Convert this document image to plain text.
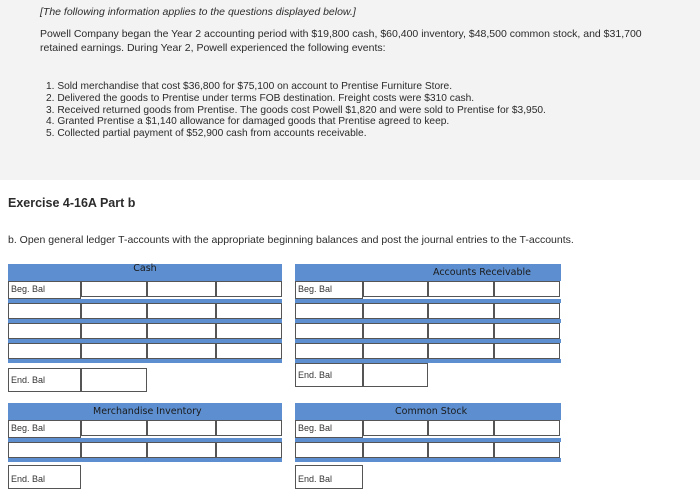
[The following information applies to the questions displayed below.]
Powell Company began the Year 2 accounting period with $19,800 cash, $60,400 inventory, $48,500 common stock, and $31,700 retained earnings. During Year 2, Powell experienced the following events:
1. Sold merchandise that cost $36,800 for $75,100 on account to Prentise Furniture Store.
2. Delivered the goods to Prentise under terms FOB destination. Freight costs were $310 cash.
3. Received returned goods from Prentise. The goods cost Powell $1,820 and were sold to Prentise for $3,950.
4. Granted Prentise a $1,140 allowance for damaged goods that Prentise agreed to keep.
5. Collected partial payment of $52,900 cash from accounts receivable.
Exercise 4-16A Part b
b. Open general ledger T-accounts with the appropriate beginning balances and post the journal entries to the T-accounts.
Cash
Beg. Bal
End. Bal
Accounts Receivable
Beg. Bal
End. Bal
Merchandise Inventory
Beg. Bal
End. Bal
Common Stock
Beg. Bal
End. Bal
